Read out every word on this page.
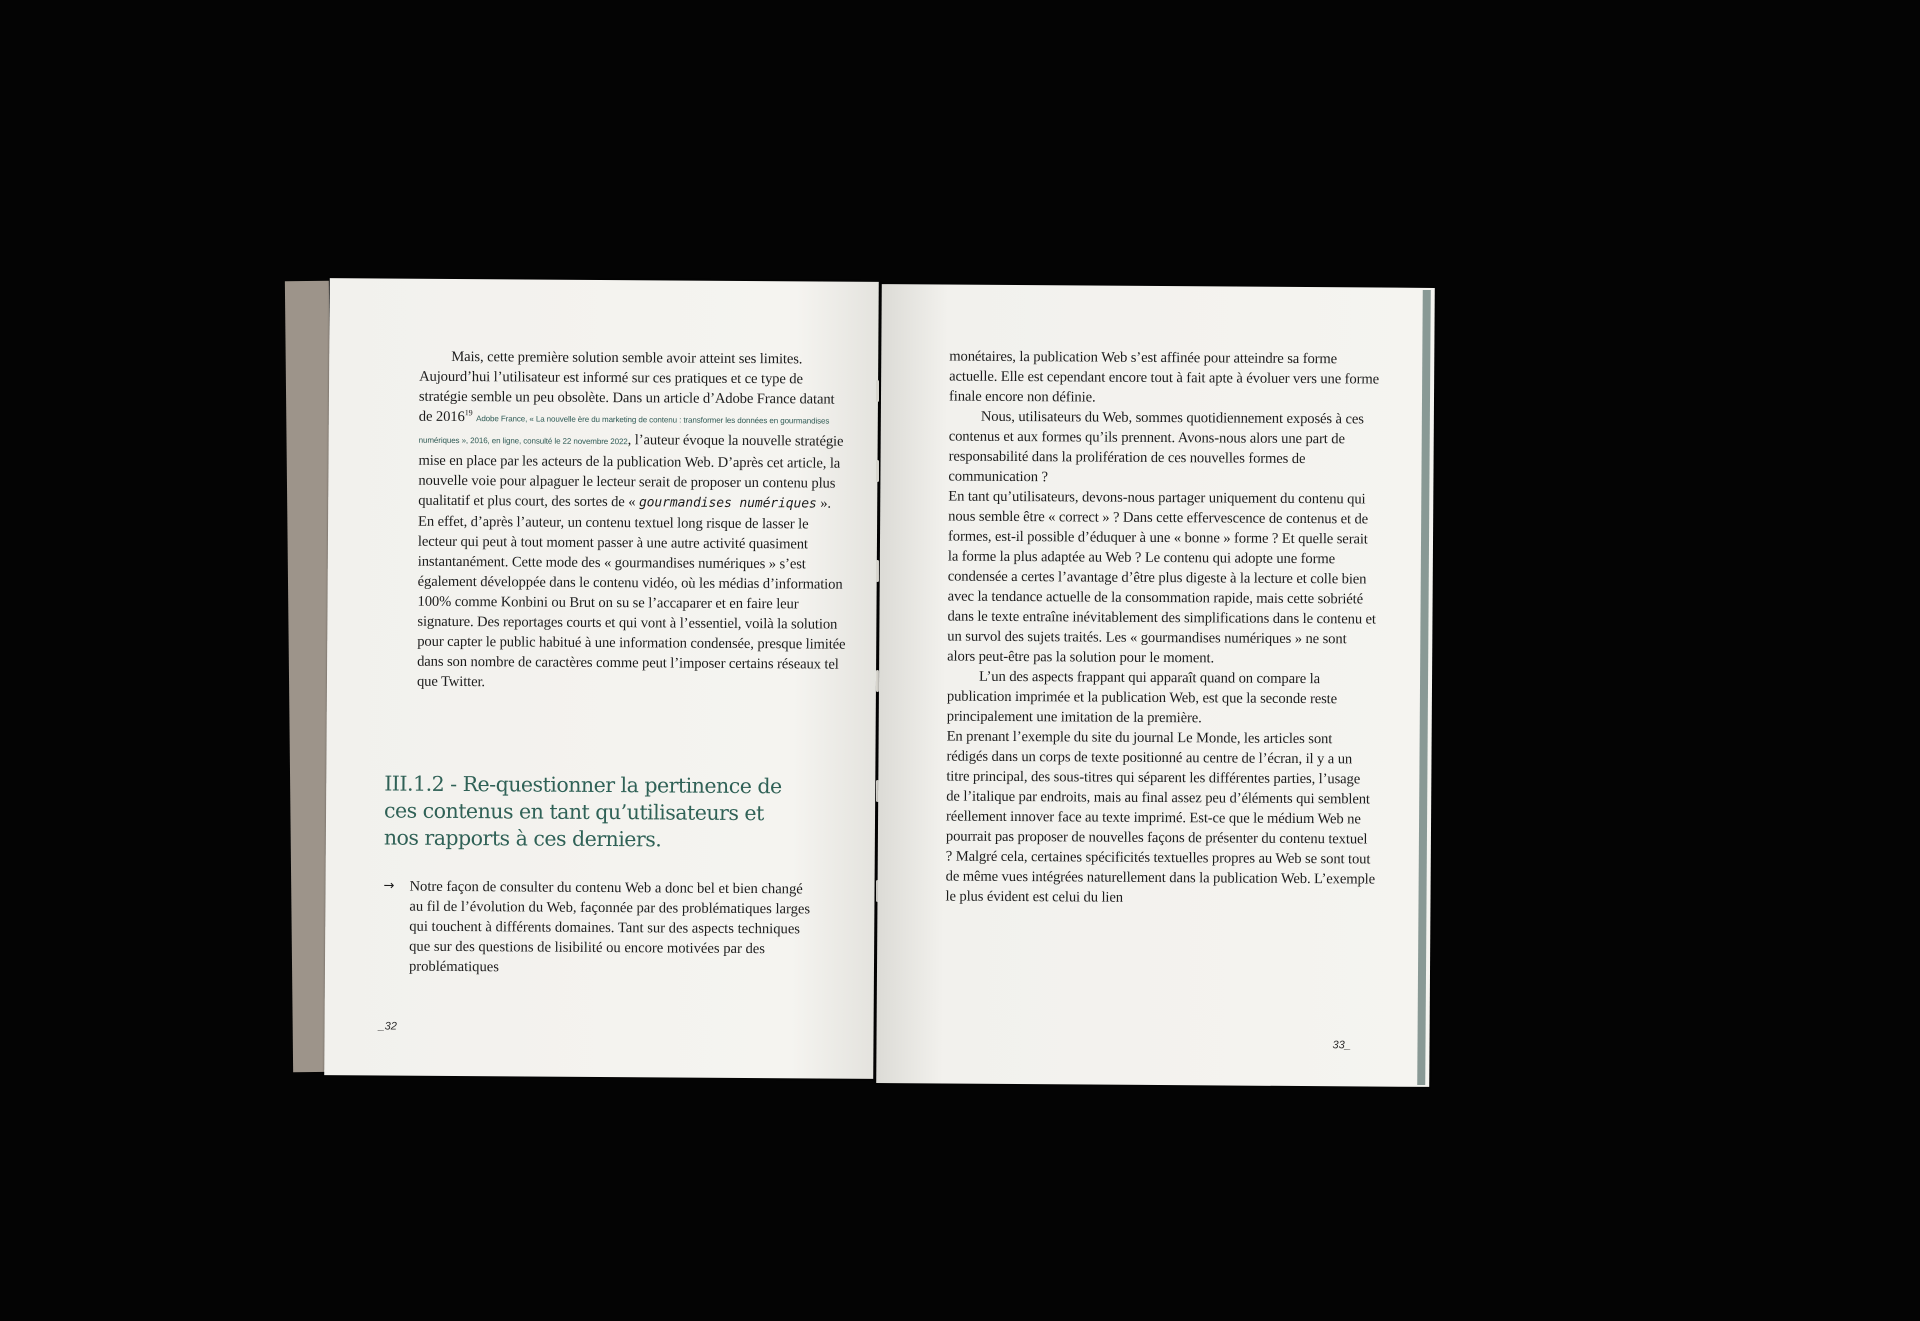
Mais, cette première solution semble avoir atteint ses limites. Aujourd’hui l’utilisateur est informé sur ces pratiques et ce type de stratégie semble un peu obsolète. Dans un article d’Adobe France datant de 2016$^{19}$ Adobe France, « La nouvelle ère du marketing de contenu : transformer les données en gourmandises numériques », 2016, en ligne, consulté le 22 novembre 2022, l’auteur évoque la nouvelle stratégie mise en place par les acteurs de la publication Web. D’après cet article, la nouvelle voie pour alpaguer le lecteur serait de proposer un contenu plus qualitatif et plus court, des sortes de « gourmandises numériques ». En effet, d’après l’auteur, un contenu textuel long risque de lasser le lecteur qui peut à tout moment passer à une autre activité quasiment instantanément. Cette mode des « gourmandises numériques » s’est également développée dans le contenu vidéo, où les médias d’information 100% comme Konbini ou Brut on su se l’accaparer et en faire leur signature. Des reportages courts et qui vont à l’essentiel, voilà la solution pour capter le public habitué à une information condensée, presque limitée dans son nombre de caractères comme peut l’imposer certains réseaux tel que Twitter.

III.1.2 - Re-questionner la pertinence de ces contenus en tant qu’utilisateurs et nos rapports à ces derniers.
→	Notre façon de consulter du contenu Web a donc bel et bien changé au fil de l’évolution du Web, façonnée par des problématiques larges qui touchent à différents domaines. Tant sur des aspects techniques que sur des questions de lisibilité ou encore motivées par des problématiques
_32

monétaires, la publication Web s’est affinée pour atteindre sa forme actuelle. Elle est cependant encore tout à fait apte à évoluer vers une forme finale encore non définie.

Nous, utilisateurs du Web, sommes quotidiennement exposés à ces contenus et aux formes qu’ils prennent. Avons-nous alors une part de responsabilité dans la prolifération de ces nouvelles formes de communication ?

En tant qu’utilisateurs, devons-nous partager uniquement du contenu qui nous semble être « correct » ? Dans cette effervescence de contenus et de formes, est-il possible d’éduquer à une « bonne » forme ? Et quelle serait la forme la plus adaptée au Web ? Le contenu qui adopte une forme condensée a certes l’avantage d’être plus digeste à la lecture et colle bien avec la tendance actuelle de la consommation rapide, mais cette sobriété dans le texte entraîne inévitablement des simplifications dans le contenu et un survol des sujets traités. Les « gourmandises numériques » ne sont alors peut-être pas la solution pour le moment.

L’un des aspects frappant qui apparaît quand on compare la publication imprimée et la publication Web, est que la seconde reste principalement une imitation de la première.

En prenant l’exemple du site du journal Le Monde, les articles sont rédigés dans un corps de texte positionné au centre de l’écran, il y a un titre principal, des sous-titres qui séparent les différentes parties, l’usage de l’italique par endroits, mais au final assez peu d’éléments qui semblent réellement innover face au texte imprimé. Est-ce que le médium Web ne pourrait pas proposer de nouvelles façons de présenter du contenu textuel ? Malgré cela, certaines spécificités textuelles propres au Web se sont tout de même vues intégrées naturellement dans la publication Web. L’exemple le plus évident est celui du lien

33_
